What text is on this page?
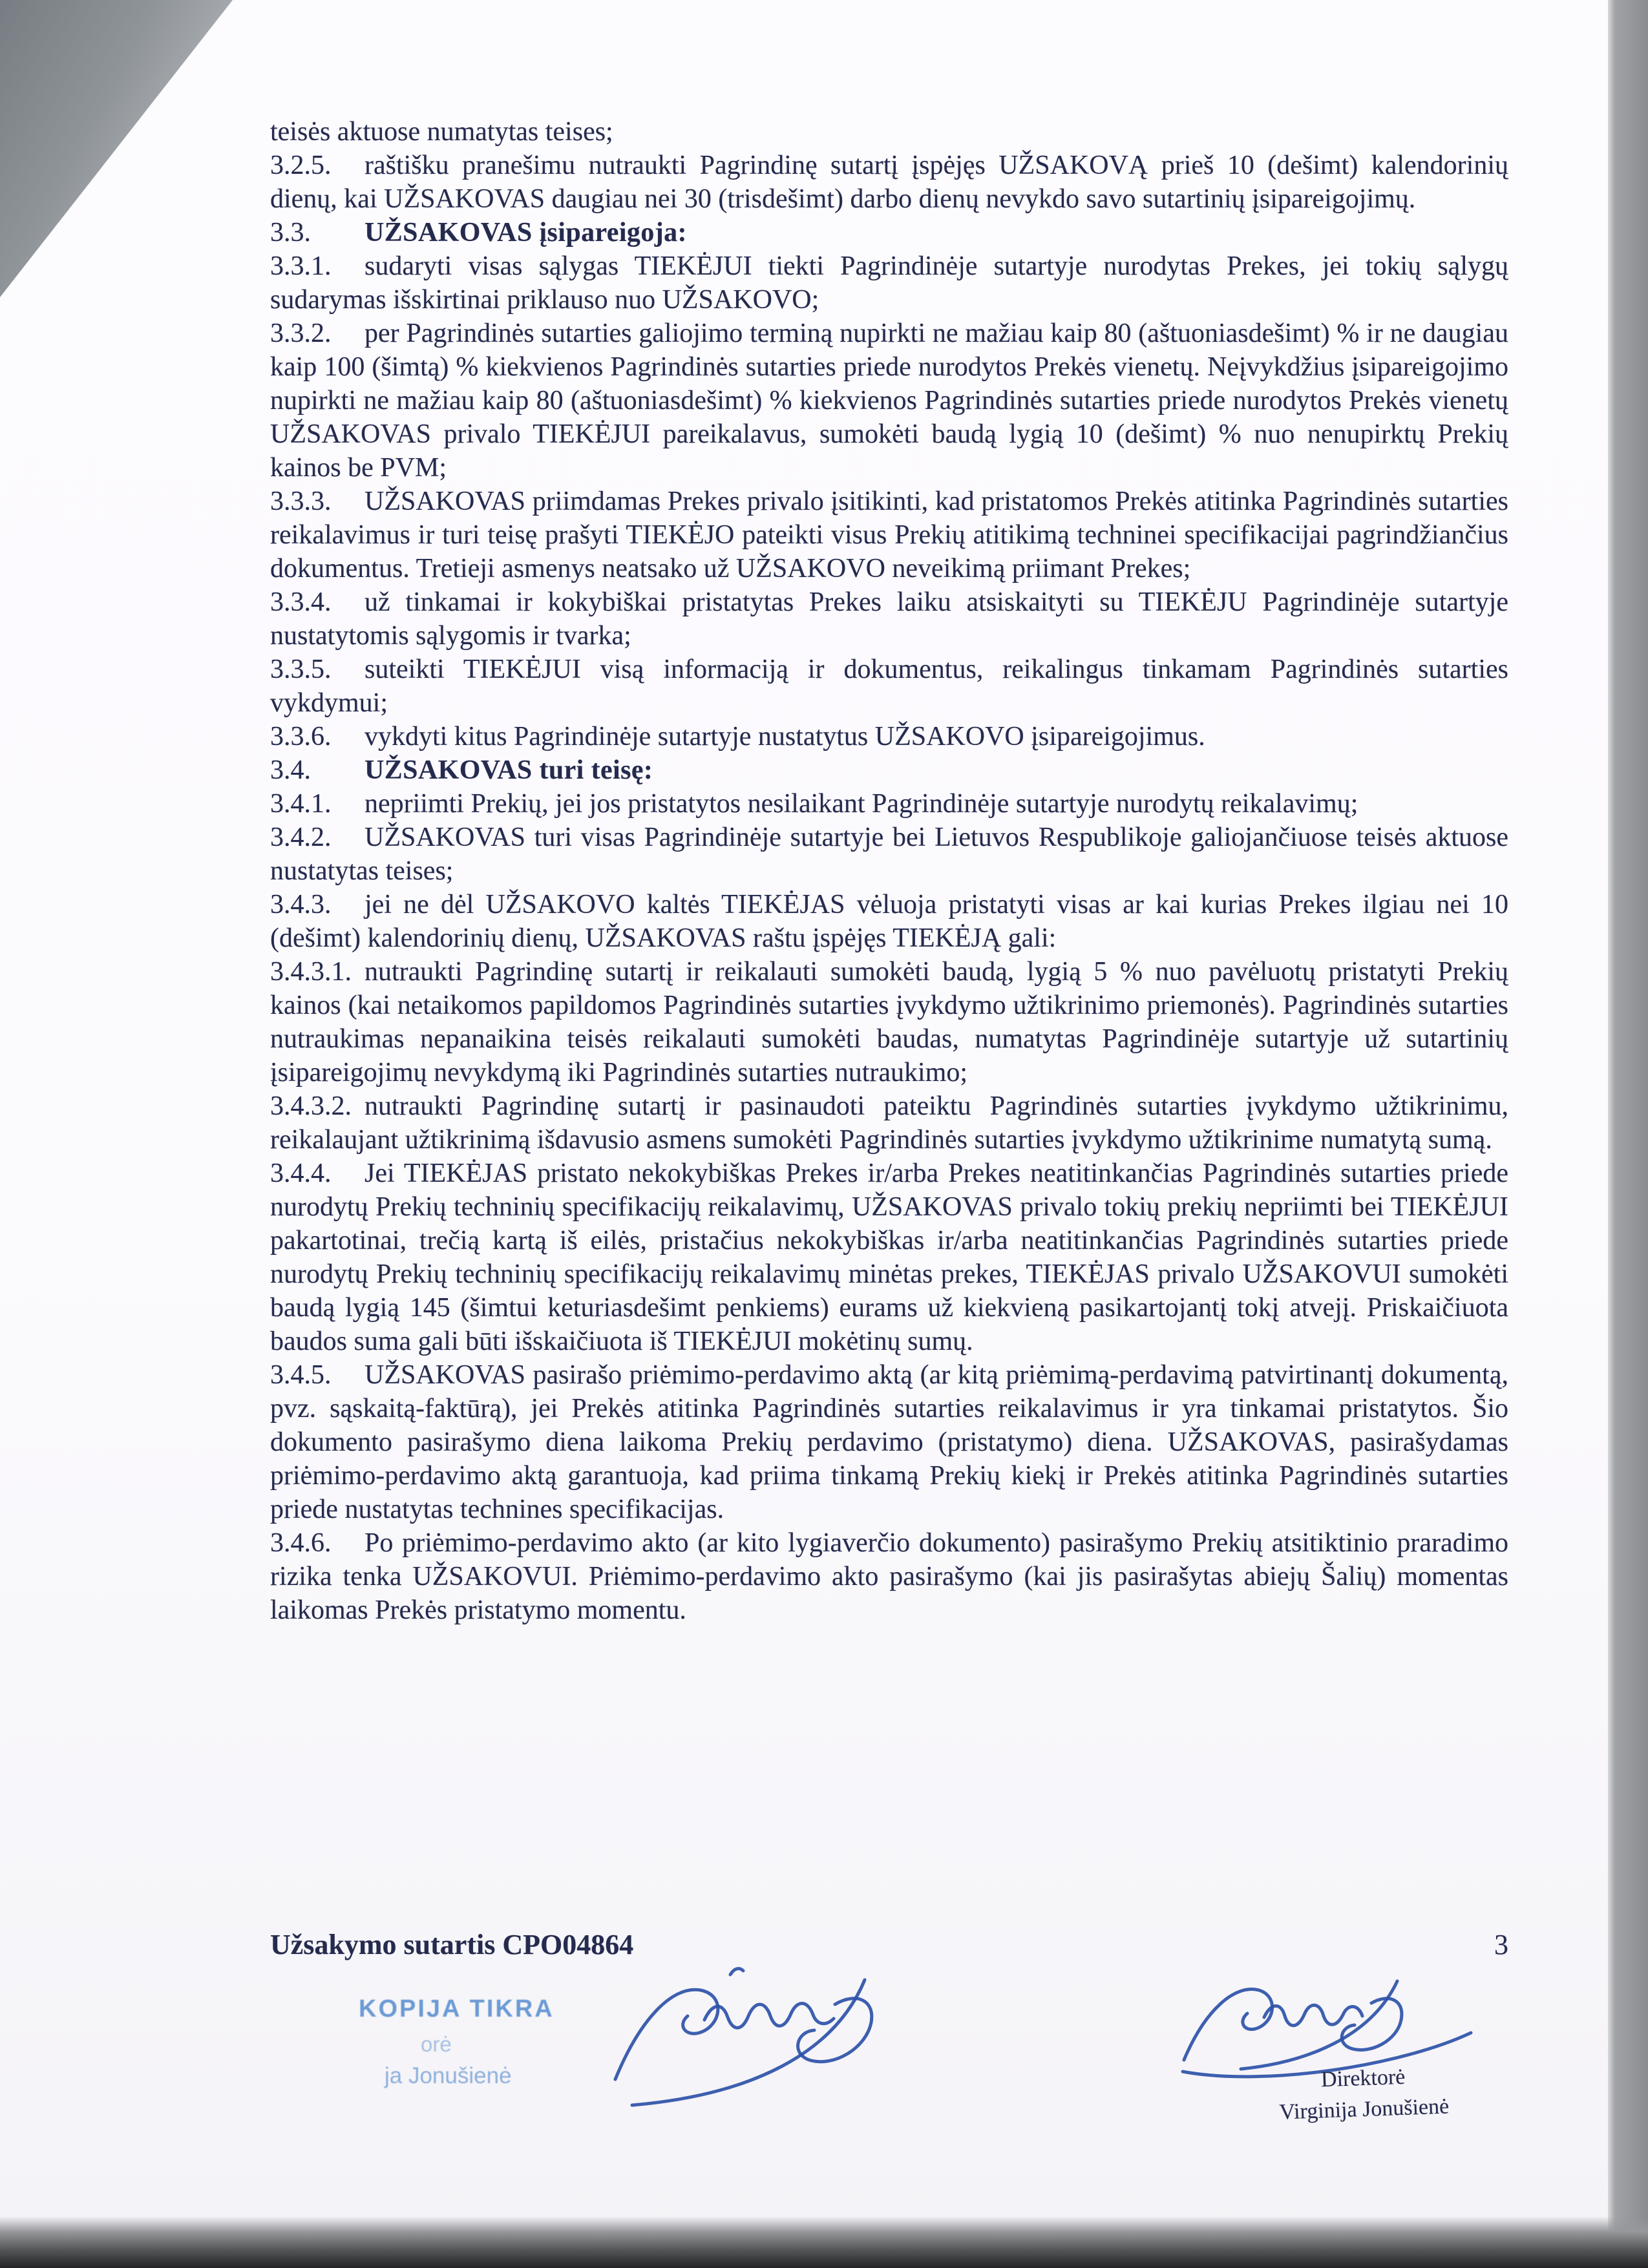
teisės aktuose numatytas teises;

3.2.5. raštišku pranešimu nutraukti Pagrindinę sutartį įspėjęs UŽSAKOVĄ prieš 10 (dešimt) kalendorinių dienų, kai UŽSAKOVAS daugiau nei 30 (trisdešimt) darbo dienų nevykdo savo sutartinių įsipareigojimų.

3.3. UŽSAKOVAS įsipareigoja:

3.3.1. sudaryti visas sąlygas TIEKĖJUI tiekti Pagrindinėje sutartyje nurodytas Prekes, jei tokių sąlygų sudarymas išskirtinai priklauso nuo UŽSAKOVO;

3.3.2. per Pagrindinės sutarties galiojimo terminą nupirkti ne mažiau kaip 80 (aštuoniasdešimt) % ir ne daugiau kaip 100 (šimtą) % kiekvienos Pagrindinės sutarties priede nurodytos Prekės vienetų. Neįvykdžius įsipareigojimo nupirkti ne mažiau kaip 80 (aštuoniasdešimt) % kiekvienos Pagrindinės sutarties priede nurodytos Prekės vienetų UŽSAKOVAS privalo TIEKĖJUI pareikalavus, sumokėti baudą lygią 10 (dešimt) % nuo nenupirktų Prekių kainos be PVM;

3.3.3. UŽSAKOVAS priimdamas Prekes privalo įsitikinti, kad pristatomos Prekės atitinka Pagrindinės sutarties reikalavimus ir turi teisę prašyti TIEKĖJO pateikti visus Prekių atitikimą techninei specifikacijai pagrindžiančius dokumentus. Tretieji asmenys neatsako už UŽSAKOVO neveikimą priimant Prekes;

3.3.4. už tinkamai ir kokybiškai pristatytas Prekes laiku atsiskaityti su TIEKĖJU Pagrindinėje sutartyje nustatytomis sąlygomis ir tvarka;

3.3.5. suteikti TIEKĖJUI visą informaciją ir dokumentus, reikalingus tinkamam Pagrindinės sutarties vykdymui;

3.3.6. vykdyti kitus Pagrindinėje sutartyje nustatytus UŽSAKOVO įsipareigojimus.

3.4. UŽSAKOVAS turi teisę:

3.4.1. nepriimti Prekių, jei jos pristatytos nesilaikant Pagrindinėje sutartyje nurodytų reikalavimų;

3.4.2. UŽSAKOVAS turi visas Pagrindinėje sutartyje bei Lietuvos Respublikoje galiojančiuose teisės aktuose nustatytas teises;

3.4.3. jei ne dėl UŽSAKOVO kaltės TIEKĖJAS vėluoja pristatyti visas ar kai kurias Prekes ilgiau nei 10 (dešimt) kalendorinių dienų, UŽSAKOVAS raštu įspėjęs TIEKĖJĄ gali:

3.4.3.1. nutraukti Pagrindinę sutartį ir reikalauti sumokėti baudą, lygią 5 % nuo pavėluotų pristatyti Prekių kainos (kai netaikomos papildomos Pagrindinės sutarties įvykdymo užtikrinimo priemonės). Pagrindinės sutarties nutraukimas nepanaikina teisės reikalauti sumokėti baudas, numatytas Pagrindinėje sutartyje už sutartinių įsipareigojimų nevykdymą iki Pagrindinės sutarties nutraukimo;

3.4.3.2. nutraukti Pagrindinę sutartį ir pasinaudoti pateiktu Pagrindinės sutarties įvykdymo užtikrinimu, reikalaujant užtikrinimą išdavusio asmens sumokėti Pagrindinės sutarties įvykdymo užtikrinime numatytą sumą.

3.4.4. Jei TIEKĖJAS pristato nekokybiškas Prekes ir/arba Prekes neatitinkančias Pagrindinės sutarties priede nurodytų Prekių techninių specifikacijų reikalavimų, UŽSAKOVAS privalo tokių prekių nepriimti bei TIEKĖJUI pakartotinai, trečią kartą iš eilės, pristačius nekokybiškas ir/arba neatitinkančias Pagrindinės sutarties priede nurodytų Prekių techninių specifikacijų reikalavimų minėtas prekes, TIEKĖJAS privalo UŽSAKOVUI sumokėti baudą lygią 145 (šimtui keturiasdešimt penkiems) eurams už kiekvieną pasikartojantį tokį atvejį. Priskaičiuota baudos suma gali būti išskaičiuota iš TIEKĖJUI mokėtinų sumų.

3.4.5. UŽSAKOVAS pasirašo priėmimo-perdavimo aktą (ar kitą priėmimą-perdavimą patvirtinantį dokumentą, pvz. sąskaitą-faktūrą), jei Prekės atitinka Pagrindinės sutarties reikalavimus ir yra tinkamai pristatytos. Šio dokumento pasirašymo diena laikoma Prekių perdavimo (pristatymo) diena. UŽSAKOVAS, pasirašydamas priėmimo-perdavimo aktą garantuoja, kad priima tinkamą Prekių kiekį ir Prekės atitinka Pagrindinės sutarties priede nustatytas technines specifikacijas.

3.4.6. Po priėmimo-perdavimo akto (ar kito lygiaverčio dokumento) pasirašymo Prekių atsitiktinio praradimo rizika tenka UŽSAKOVUI. Priėmimo-perdavimo akto pasirašymo (kai jis pasirašytas abiejų Šalių) momentas laikomas Prekės pristatymo momentu.

Užsakymo sutartis CPO04864	3
KOPIJA TIKRA
orė
ja Jonušienė	Direktorė
Virginija Jonušienė
